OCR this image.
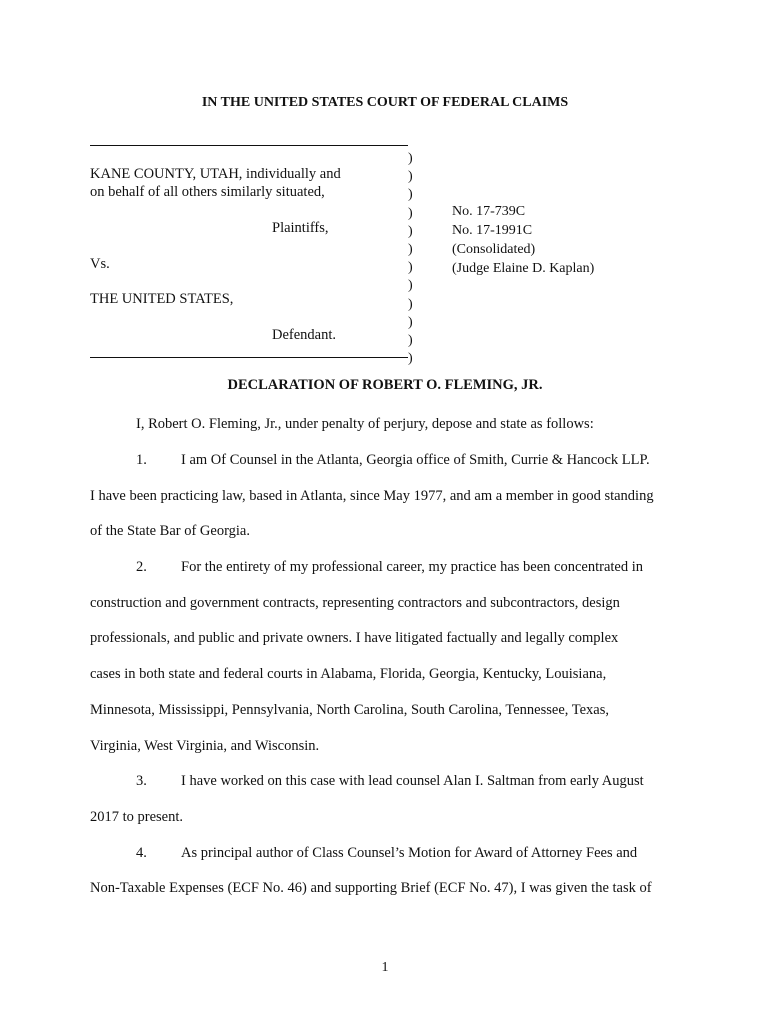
IN THE UNITED STATES COURT OF FEDERAL CLAIMS
KANE COUNTY, UTAH, individually and
on behalf of all others similarly situated,
Plaintiffs,
Vs.
THE UNITED STATES,
Defendant.
)
)
)
)
)
)
)
)
)
)
)
)
No. 17-739C
No. 17-1991C
(Consolidated)
(Judge Elaine D. Kaplan)
DECLARATION OF ROBERT O. FLEMING, JR.
I, Robert O. Fleming, Jr., under penalty of perjury, depose and state as follows:
1. I am Of Counsel in the Atlanta, Georgia office of Smith, Currie & Hancock LLP.
I have been practicing law, based in Atlanta, since May 1977, and am a member in good standing
of the State Bar of Georgia.
2. For the entirety of my professional career, my practice has been concentrated in
construction and government contracts, representing contractors and subcontractors, design
professionals, and public and private owners. I have litigated factually and legally complex
cases in both state and federal courts in Alabama, Florida, Georgia, Kentucky, Louisiana,
Minnesota, Mississippi, Pennsylvania, North Carolina, South Carolina, Tennessee, Texas,
Virginia, West Virginia, and Wisconsin.
3. I have worked on this case with lead counsel Alan I. Saltman from early August
2017 to present.
4. As principal author of Class Counsel’s Motion for Award of Attorney Fees and
Non-Taxable Expenses (ECF No. 46) and supporting Brief (ECF No. 47), I was given the task of
1
